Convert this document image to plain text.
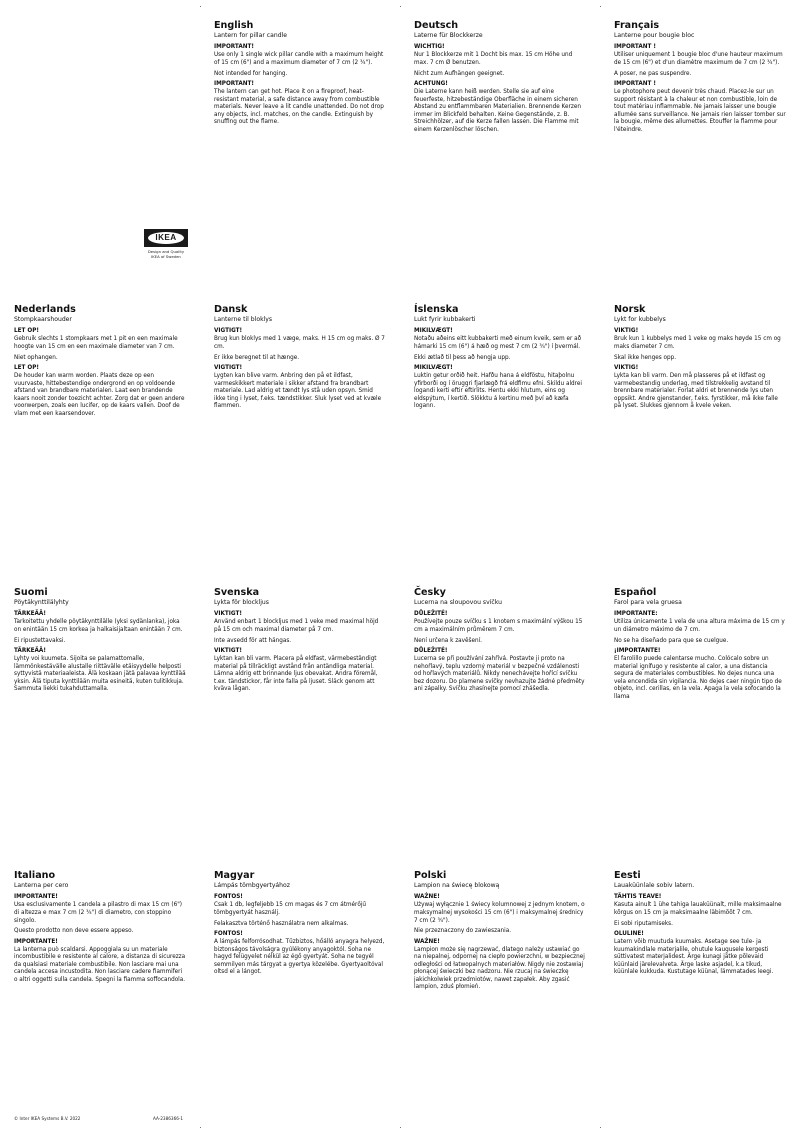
IKEA
Design and Quality
IKEA of Sweden
English
Lantern for pillar candle
IMPORTANT!
Use only 1 single wick pillar candle with a maximum height of 15 cm (6") and a maximum diameter of 7 cm (2 ¾").
Not intended for hanging.
IMPORTANT!
The lantern can get hot. Place it on a fireproof, heat-resistant material, a safe distance away from combustible materials. Never leave a lit candle unattended. Do not drop any objects, incl. matches, on the candle. Extinguish by snuffing out the flame.
Deutsch
Laterne für Blockkerze
WICHTIG!
Nur 1 Blockkerze mit 1 Docht bis max. 15 cm Höhe und max. 7 cm Ø benutzen.
Nicht zum Aufhängen geeignet.
ACHTUNG!
Die Laterne kann heiß werden. Stelle sie auf eine feuerfeste, hitzebeständige Oberfläche in einem sicheren Abstand zu entflammbaren Materialien. Brennende Kerzen immer im Blickfeld behalten. Keine Gegenstände, z. B. Streichhölzer, auf die Kerze fallen lassen. Die Flamme mit einem Kerzenlöscher löschen.
Français
Lanterne pour bougie bloc
IMPORTANT !
Utiliser uniquement 1 bougie bloc d'une hauteur maximum de 15 cm (6") et d'un diamètre maximum de 7 cm (2 ¾").
A poser, ne pas suspendre.
IMPORTANT !
Le photophore peut devenir très chaud. Placez-le sur un support résistant à la chaleur et non combustible, loin de tout matériau inflammable. Ne jamais laisser une bougie allumée sans surveillance. Ne jamais rien laisser tomber sur la bougie, même des allumettes. Etouffer la flamme pour l'éteindre.
Nederlands
Stompkaarshouder
LET OP!
Gebruik slechts 1 stompkaars met 1 pit en een maximale hoogte van 15 cm en een maximale diameter van 7 cm.
Niet ophangen.
LET OP!
De houder kan warm worden. Plaats deze op een vuurvaste, hittebestendige ondergrond en op voldoende afstand van brandbare materialen. Laat een brandende kaars nooit zonder toezicht achter. Zorg dat er geen andere voorwerpen, zoals een lucifer, op de kaars vallen. Doof de vlam met een kaarsendover.
Dansk
Lanterne til bloklys
VIGTIGT!
Brug kun bloklys med 1 væge, maks. H 15 cm og maks. Ø 7 cm.
Er ikke beregnet til at hænge.
VIGTIGT!
Lygten kan blive varm. Anbring den på et ildfast, varmeskikkert materiale i sikker afstand fra brandbart materiale. Lad aldrig et tændt lys stå uden opsyn. Smid ikke ting i lyset, f.eks. tændstikker. Sluk lyset ved at kvæle flammen.
Íslenska
Lukt fyrir kubbakerti
MIKILVÆGT!
Notaðu aðeins eitt kubbakerti með einum kveik, sem er að hámarki 15 cm (6") á hæð og mest 7 cm (2 ¾") í þvermál.
Ekki ætlað til þess að hengja upp.
MIKILVÆGT!
Luktin getur orðið heit. Hafðu hana á eldföstu, hitaþolnu yfirborði og í öruggri fjarlægð frá eldfimu efni. Skildu aldrei logandi kerti eftir eftirlits. Hentu ekki hlutum, eins og eldspýtum, í kertið. Slökktu á kertinu með því að kæfa logann.
Norsk
Lykt for kubbelys
VIKTIG!
Bruk kun 1 kubbelys med 1 veke og maks høyde 15 cm og maks diameter 7 cm.
Skal ikke henges opp.
VIKTIG!
Lykta kan bli varm. Den må plasseres på et ildfast og varmebestandig underlag, med tilstrekkelig avstand til brennbare materialer. Forlat aldri et brennende lys uten oppsikt. Andre gjenstander, f.eks. fyrstikker, må ikke falle på lyset. Slukkes gjennom å kvele veken.
Suomi
Pöytäkynttilälyhty
TÄRKEÄÄ!
Tarkoitettu yhdelle pöytäkynttilälle (yksi sydänlanka), joka on enintään 15 cm korkea ja halkaisijaltaan enintään 7 cm.
Ei ripustettavaksi.
TÄRKEÄÄ!
Lyhty voi kuumeta. Sijoita se palamattomalle, lämmönkestävälle alustalle riittävälle etäisyydelle helposti syttyvistä materiaaleista. Älä koskaan jätä palavaa kynttilää yksin. Älä tiputa kynttilään muita esineitä, kuten tulitikkuja. Sammuta liekki tukahduttamalla.
Svenska
Lykta för blockljus
VIKTIGT!
Använd enbart 1 blockljus med 1 veke med maximal höjd på 15 cm och maximal diameter på 7 cm.
Inte avsedd för att hängas.
VIKTIGT!
Lyktan kan bli varm. Placera på eldfast, värmebeständigt material på tillräckligt avstånd från antändliga material. Lämna aldrig ett brinnande ljus obevakat. Andra föremål, t.ex. tändstickor, får inte falla på ljuset. Släck genom att kväva lågan.
Česky
Lucerna na sloupovou svíčku
DŮLEŽITÉ!
Používejte pouze svíčku s 1 knotem s maximální výškou 15 cm a maximálním průměrem 7 cm.
Není určena k zavěšení.
DŮLEŽITÉ!
Lucerna se při používání zahřívá. Postavte ji proto na nehořlavý, teplu vzdorný materiál v bezpečné vzdálenosti od hořlavých materiálů. Nikdy nenechávejte hořící svíčku bez dozoru. Do plamene svíčky nevhazujte žádné předměty ani zápalky. Svíčku zhasínejte pomocí zhášedla.
Español
Farol para vela gruesa
IMPORTANTE:
Utiliza únicamente 1 vela de una altura máxima de 15 cm y un diámetro máximo de 7 cm.
No se ha diseñado para que se cuelgue.
¡IMPORTANTE!
El farolillo puede calentarse mucho. Colócalo sobre un material ignífugo y resistente al calor, a una distancia segura de materiales combustibles. No dejes nunca una vela encendida sin vigilancia. No dejes caer ningún tipo de objeto, incl. cerillas, en la vela. Apaga la vela sofocando la llama
Italiano
Lanterna per cero
IMPORTANTE!
Usa esclusivamente 1 candela a pilastro di max 15 cm (6") di altezza e max 7 cm (2 ¾") di diametro, con stoppino singolo.
Questo prodotto non deve essere appeso.
IMPORTANTE!
La lanterna può scaldarsi. Appoggiala su un materiale incombustibile e resistente al calore, a distanza di sicurezza da qualsiasi materiale combustibile. Non lasciare mai una candela accesa incustodita. Non lasciare cadere fiammiferi o altri oggetti sulla candela. Spegni la fiamma soffocandola.
Magyar
Lámpás tömbgyertyához
FONTOS!
Csak 1 db, legfeljebb 15 cm magas és 7 cm átmérőjű tömbgyertyát használj.
Felakasztva történő használatra nem alkalmas.
FONTOS!
A lámpás felforrósodhat. Tűzbiztos, hőálló anyagra helyezd, biztonságos távolságra gyúlékony anyagoktól. Soha ne hagyd felügyelet nélkül az égő gyertyát. Soha ne tegyél semmilyen más tárgyat a gyertya közelébe. Gyertyaoltóval oltsd el a lángot.
Polski
Lampion na świecę blokową
WAŻNE!
Używaj wyłącznie 1 świecy kolumnowej z jednym knotem, o maksymalnej wysokości 15 cm (6") i maksymalnej średnicy 7 cm (2 ¾").
Nie przeznaczony do zawieszania.
WAŻNE!
Lampion może się nagrzewać, dlatego należy ustawiać go na niepalnej, odpornej na ciepło powierzchni, w bezpiecznej odległości od łatwopalnych materiałów. Nigdy nie zostawiaj płonącej świeczki bez nadzoru. Nie rzucaj na świeczkę jakichkolwiek przedmiotów, nawet zapałek. Aby zgasić lampion, zduś płomień.
Eesti
Lauaküünlale sobiv latern.
TÄHTIS TEAVE!
Kasuta ainult 1 ühe tahiga lauaküünalt, mille maksimaalne kõrgus on 15 cm ja maksimaalne läbimõõt 7 cm.
Ei sobi riputamiseks.
OLULINE!
Latern võib muutuda kuumaks. Asetage see tule- ja kuumakindlale materjalile, ohutule kaugusele kergesti süttivatest materjalidest. Ärge kunagi jätke põlevaid küünlaid järelevalveta. Ärge laske asjadel, k.a tikud, küünlale kukkuda. Kustutage küünal, lämmatades leegi.
© Inter IKEA Systems B.V. 2022	AA-2386366-1
